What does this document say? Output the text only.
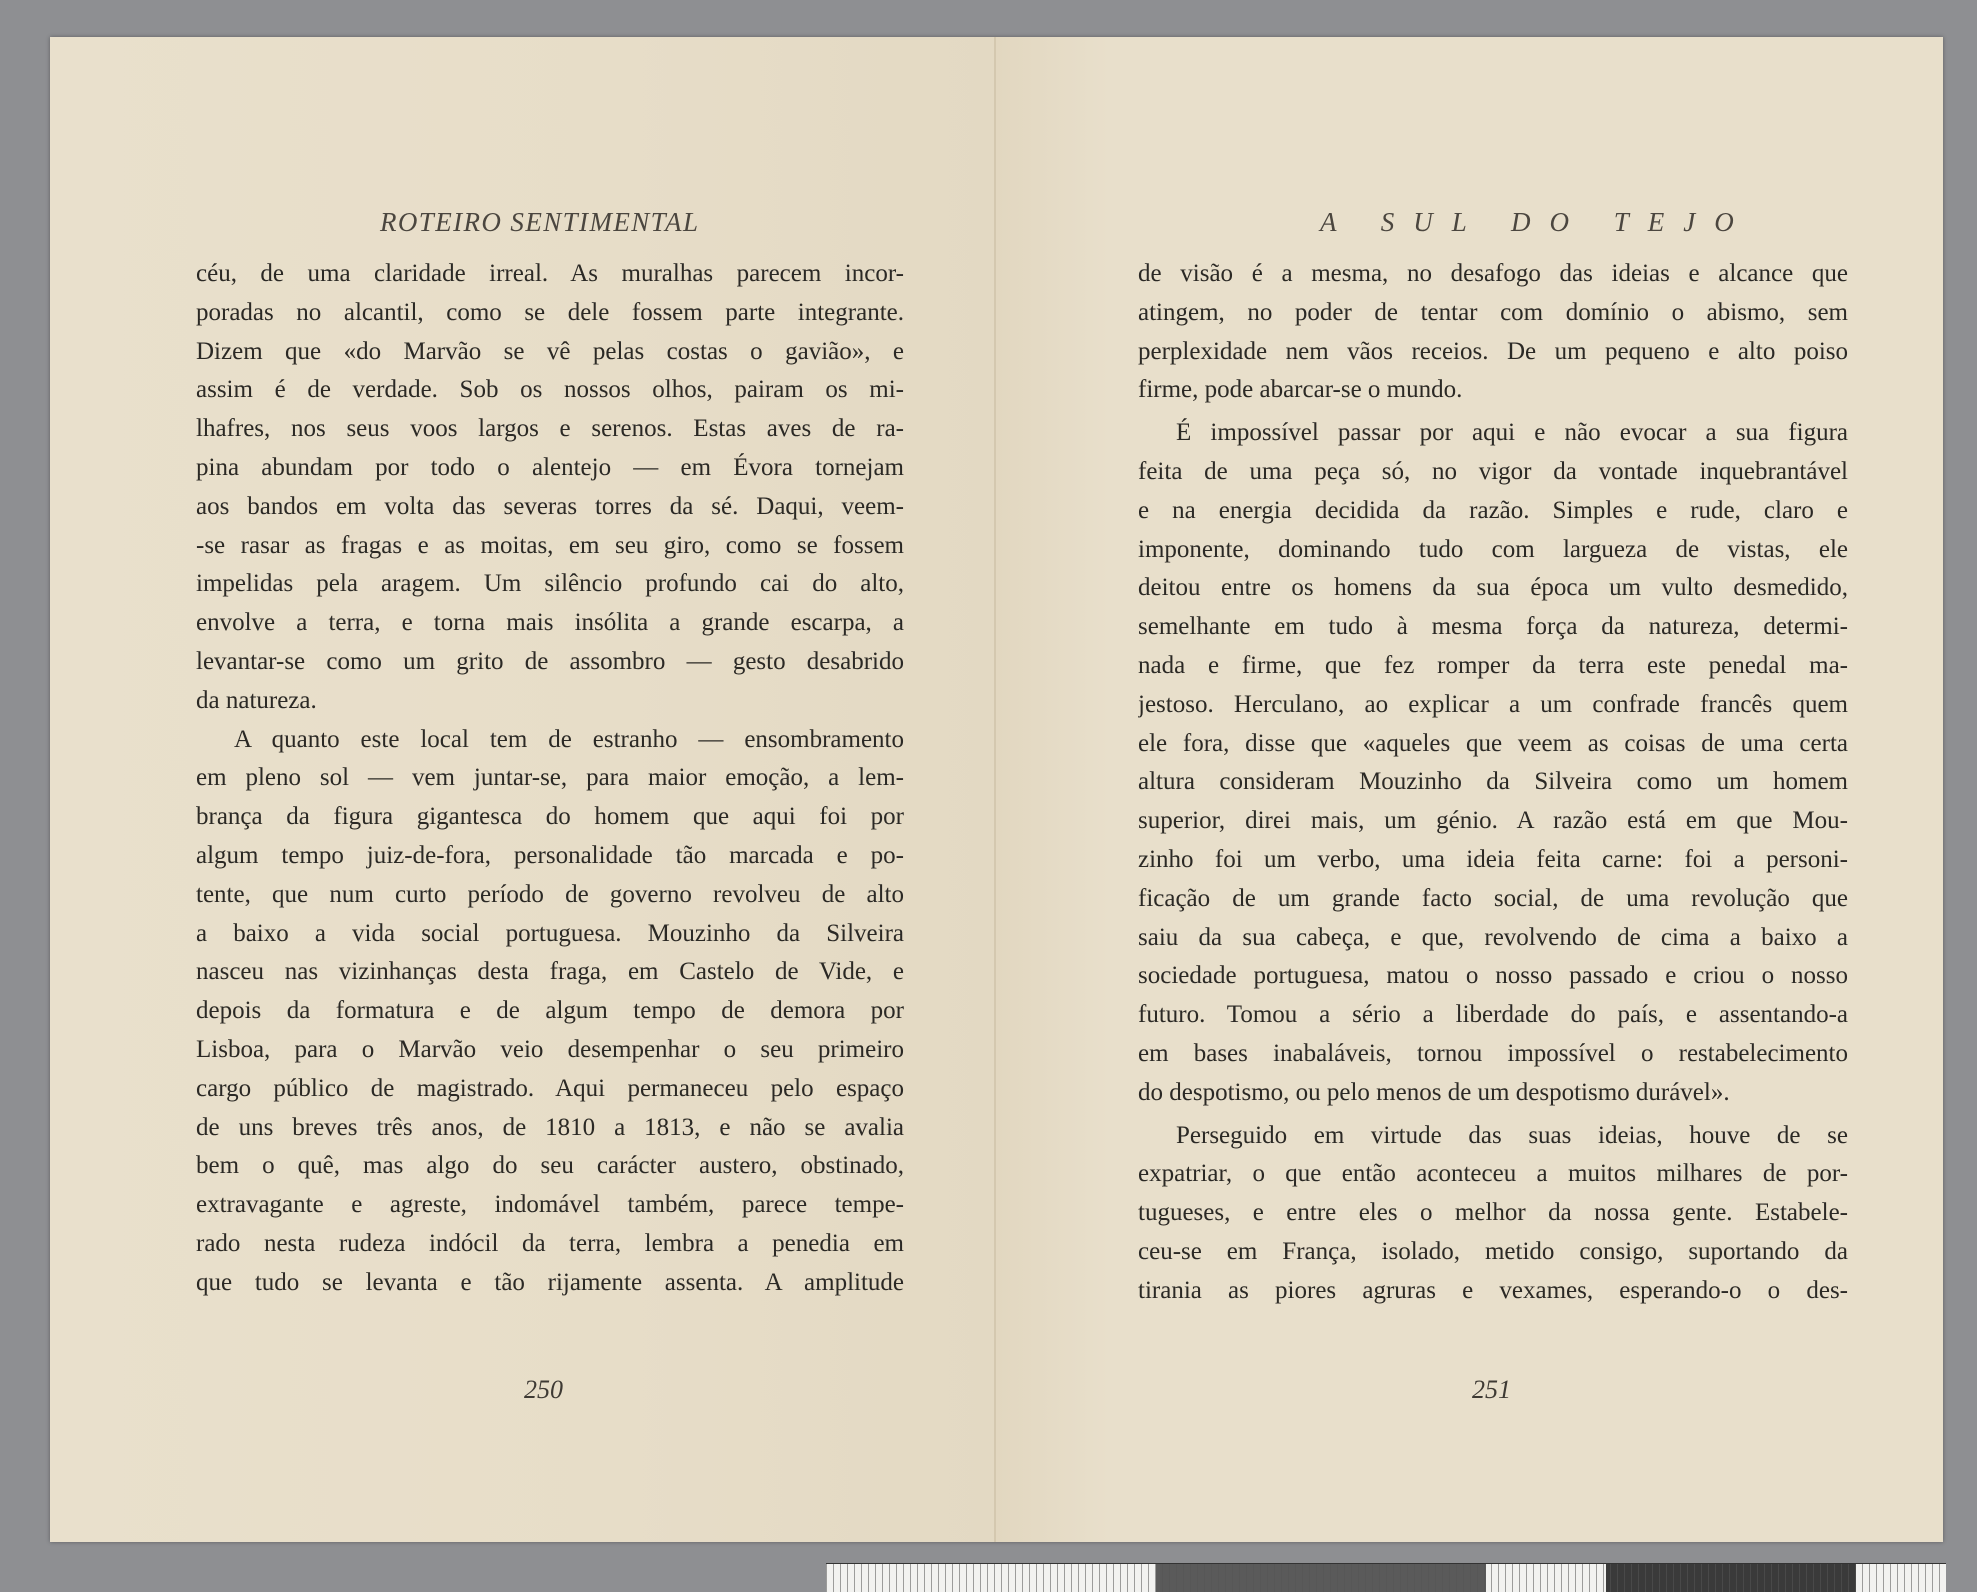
ROTEIRO SENTIMENTAL
céu, de uma claridade irreal. As muralhas parecem incor-
poradas no alcantil, como se dele fossem parte integrante.
Dizem que «do Marvão se vê pelas costas o gavião», e
assim é de verdade. Sob os nossos olhos, pairam os mi-
lhafres, nos seus voos largos e serenos. Estas aves de ra-
pina abundam por todo o alentejo — em Évora tornejam
aos bandos em volta das severas torres da sé. Daqui, veem-
-se rasar as fragas e as moitas, em seu giro, como se fossem
impelidas pela aragem. Um silêncio profundo cai do alto,
envolve a terra, e torna mais insólita a grande escarpa, a
levantar-se como um grito de assombro — gesto desabrido
da natureza.
A quanto este local tem de estranho — ensombramento
em pleno sol — vem juntar-se, para maior emoção, a lem-
brança da figura gigantesca do homem que aqui foi por
algum tempo juiz-de-fora, personalidade tão marcada e po-
tente, que num curto período de governo revolveu de alto
a baixo a vida social portuguesa. Mouzinho da Silveira
nasceu nas vizinhanças desta fraga, em Castelo de Vide, e
depois da formatura e de algum tempo de demora por
Lisboa, para o Marvão veio desempenhar o seu primeiro
cargo público de magistrado. Aqui permaneceu pelo espaço
de uns breves três anos, de 1810 a 1813, e não se avalia
bem o quê, mas algo do seu carácter austero, obstinado,
extravagante e agreste, indomável também, parece tempe-
rado nesta rudeza indócil da terra, lembra a penedia em
que tudo se levanta e tão rijamente assenta. A amplitude
250
A SUL DO TEJO
de visão é a mesma, no desafogo das ideias e alcance que
atingem, no poder de tentar com domínio o abismo, sem
perplexidade nem vãos receios. De um pequeno e alto poiso
firme, pode abarcar-se o mundo.
É impossível passar por aqui e não evocar a sua figura
feita de uma peça só, no vigor da vontade inquebrantável
e na energia decidida da razão. Simples e rude, claro e
imponente, dominando tudo com largueza de vistas, ele
deitou entre os homens da sua época um vulto desmedido,
semelhante em tudo à mesma força da natureza, determi-
nada e firme, que fez romper da terra este penedal ma-
jestoso. Herculano, ao explicar a um confrade francês quem
ele fora, disse que «aqueles que veem as coisas de uma certa
altura consideram Mouzinho da Silveira como um homem
superior, direi mais, um génio. A razão está em que Mou-
zinho foi um verbo, uma ideia feita carne: foi a personi-
ficação de um grande facto social, de uma revolução que
saiu da sua cabeça, e que, revolvendo de cima a baixo a
sociedade portuguesa, matou o nosso passado e criou o nosso
futuro. Tomou a sério a liberdade do país, e assentando-a
em bases inabaláveis, tornou impossível o restabelecimento
do despotismo, ou pelo menos de um despotismo durável».
Perseguido em virtude das suas ideias, houve de se
expatriar, o que então aconteceu a muitos milhares de por-
tugueses, e entre eles o melhor da nossa gente. Estabele-
ceu-se em França, isolado, metido consigo, suportando da
tirania as piores agruras e vexames, esperando-o o des-
251
